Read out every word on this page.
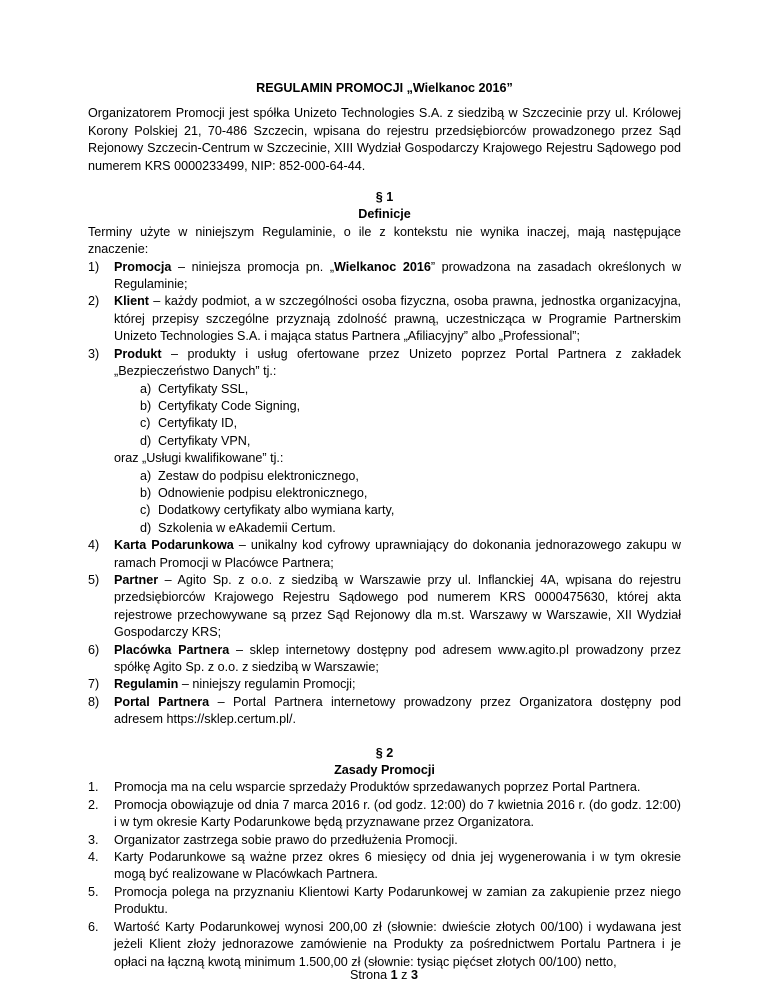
REGULAMIN PROMOCJI „Wielkanoc 2016”

Organizatorem Promocji jest spółka Unizeto Technologies S.A. z siedzibą w Szczecinie przy ul. Królowej Korony Polskiej 21, 70-486 Szczecin, wpisana do rejestru przedsiębiorców prowadzonego przez Sąd Rejonowy Szczecin-Centrum w Szczecinie, XIII Wydział Gospodarczy Krajowego Rejestru Sądowego pod numerem KRS 0000233499, NIP: 852-000-64-44.

§ 1

Definicje

Terminy użyte w niniejszym Regulaminie, o ile z kontekstu nie wynika inaczej, mają następujące znaczenie:

1) Promocja – niniejsza promocja pn. „Wielkanoc 2016” prowadzona na zasadach określonych w Regulaminie;
2) Klient – każdy podmiot, a w szczególności osoba fizyczna, osoba prawna, jednostka organizacyjna, której przepisy szczególne przyznają zdolność prawną, uczestnicząca w Programie Partnerskim Unizeto Technologies S.A. i mająca status Partnera „Afiliacyjny” albo „Professional”;
3) Produkt – produkty i usług ofertowane przez Unizeto poprzez Portal Partnera z zakładek „Bezpieczeństwo Danych” tj.:
a) Certyfikaty SSL,
b) Certyfikaty Code Signing,
c) Certyfikaty ID,
d) Certyfikaty VPN,
oraz „Usługi kwalifikowane” tj.:
a) Zestaw do podpisu elektronicznego,
b) Odnowienie podpisu elektronicznego,
c) Dodatkowy certyfikaty albo wymiana karty,
d) Szkolenia w eAkademii Certum.
4) Karta Podarunkowa – unikalny kod cyfrowy uprawniający do dokonania jednorazowego zakupu w ramach Promocji w Placówce Partnera;
5) Partner – Agito Sp. z o.o. z siedzibą w Warszawie przy ul. Inflanckiej 4A, wpisana do rejestru przedsiębiorców Krajowego Rejestru Sądowego pod numerem KRS 0000475630, której akta rejestrowe przechowywane są przez Sąd Rejonowy dla m.st. Warszawy w Warszawie, XII Wydział Gospodarczy KRS;
6) Placówka Partnera – sklep internetowy dostępny pod adresem www.agito.pl prowadzony przez spółkę Agito Sp. z o.o. z siedzibą w Warszawie;
7) Regulamin – niniejszy regulamin Promocji;
8) Portal Partnera – Portal Partnera internetowy prowadzony przez Organizatora dostępny pod adresem https://sklep.certum.pl/.

§ 2

Zasady Promocji

1. Promocja ma na celu wsparcie sprzedaży Produktów sprzedawanych poprzez Portal Partnera.
2. Promocja obowiązuje od dnia 7 marca 2016 r. (od godz. 12:00) do 7 kwietnia 2016 r. (do godz. 12:00) i w tym okresie Karty Podarunkowe będą przyznawane przez Organizatora.
3. Organizator zastrzega sobie prawo do przedłużenia Promocji.
4. Karty Podarunkowe są ważne przez okres 6 miesięcy od dnia jej wygenerowania i w tym okresie mogą być realizowane w Placówkach Partnera.
5. Promocja polega na przyznaniu Klientowi Karty Podarunkowej w zamian za zakupienie przez niego Produktu.
6. Wartość Karty Podarunkowej wynosi 200,00 zł (słownie: dwieście złotych 00/100) i wydawana jest jeżeli Klient złoży jednorazowe zamówienie na Produkty za pośrednictwem Portalu Partnera i je opłaci na łączną kwotą minimum 1.500,00 zł (słownie: tysiąc pięćset złotych 00/100) netto,
Strona 1 z 3
